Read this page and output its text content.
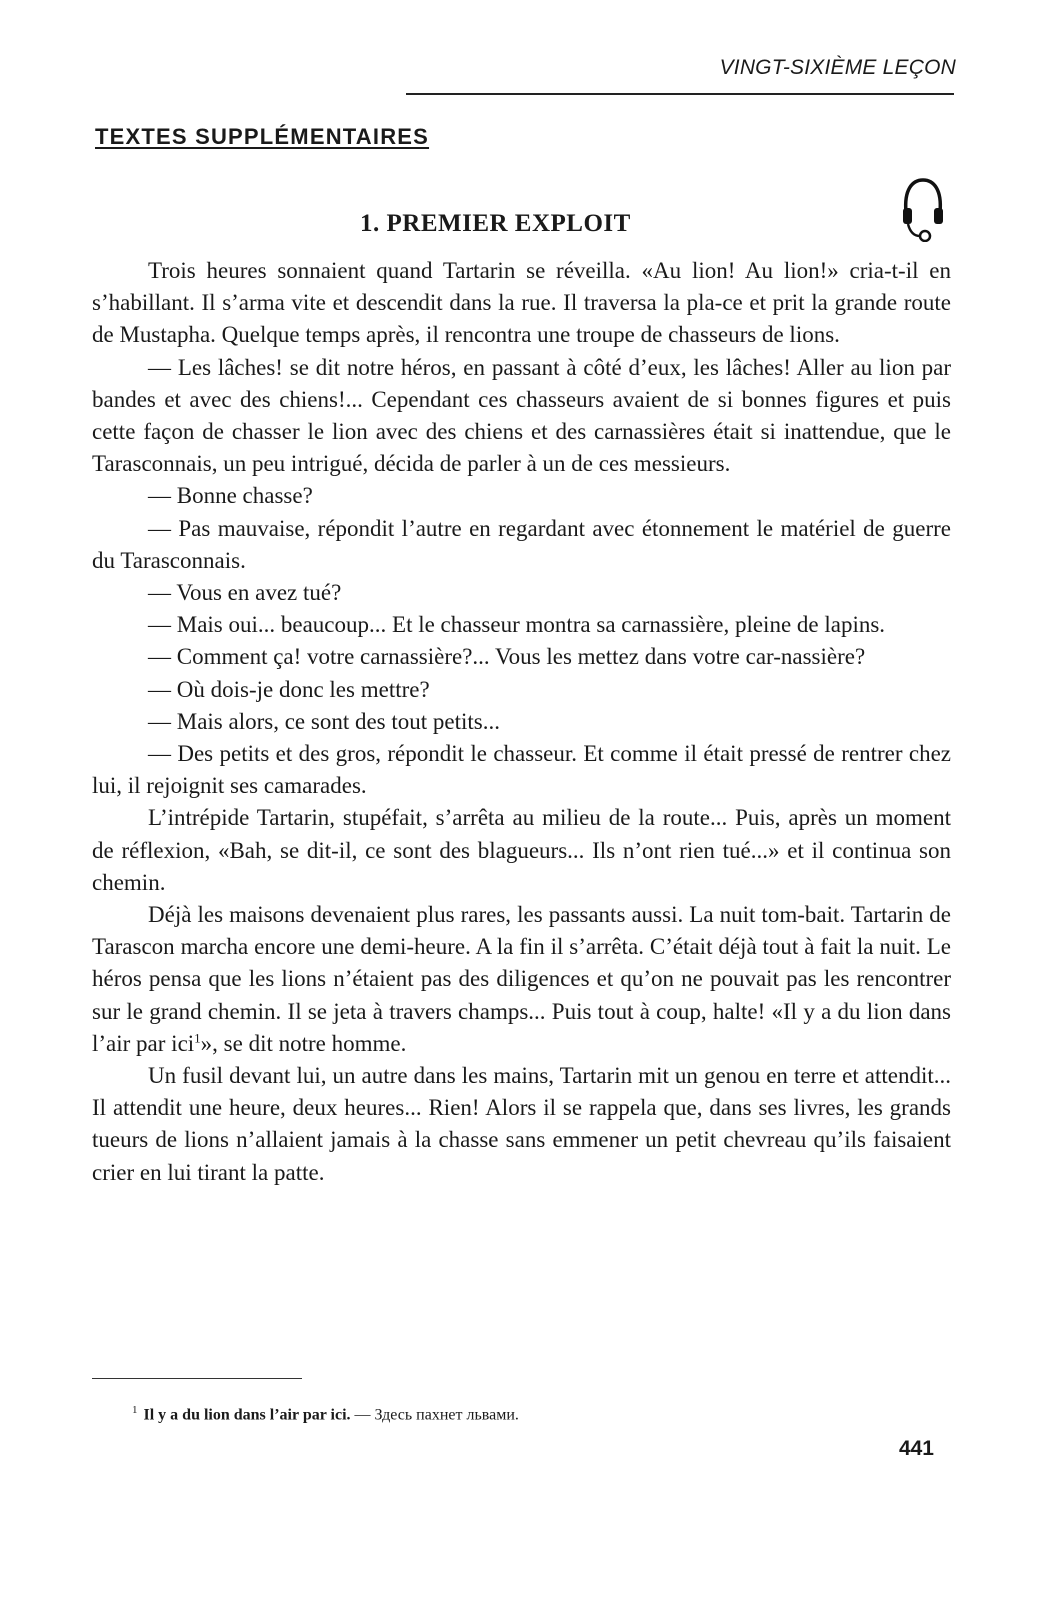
VINGT-SIXIÈME LEÇON
TEXTES SUPPLÉMENTAIRES
1. PREMIER EXPLOIT

Trois heures sonnaient quand Tartarin se réveilla. «Au lion! Au lion!» cria-t-il en s’habillant. Il s’arma vite et descendit dans la rue. Il traversa la pla-ce et prit la grande route de Mustapha. Quelque temps après, il rencontra une troupe de chasseurs de lions.

— Les lâches! se dit notre héros, en passant à côté d’eux, les lâches! Aller au lion par bandes et avec des chiens!... Cependant ces chasseurs avaient de si bonnes figures et puis cette façon de chasser le lion avec des chiens et des carnassières était si inattendue, que le Tarasconnais, un peu intrigué, décida de parler à un de ces messieurs.

— Bonne chasse?

— Pas mauvaise, répondit l’autre en regardant avec étonnement le matériel de guerre du Tarasconnais.

— Vous en avez tué?

— Mais oui... beaucoup... Et le chasseur montra sa carnassière, pleine de lapins.

— Comment ça! votre carnassière?... Vous les mettez dans votre car-nassière?

— Où dois-je donc les mettre?

— Mais alors, ce sont des tout petits...

— Des petits et des gros, répondit le chasseur. Et comme il était pressé de rentrer chez lui, il rejoignit ses camarades.

L’intrépide Tartarin, stupéfait, s’arrêta au milieu de la route... Puis, après un moment de réflexion, «Bah, se dit-il, ce sont des blagueurs... Ils n’ont rien tué...» et il continua son chemin.

Déjà les maisons devenaient plus rares, les passants aussi. La nuit tom-bait. Tartarin de Tarascon marcha encore une demi-heure. A la fin il s’arrêta. C’était déjà tout à fait la nuit. Le héros pensa que les lions n’étaient pas des diligences et qu’on ne pouvait pas les rencontrer sur le grand chemin. Il se jeta à travers champs... Puis tout à coup, halte! «Il y a du lion dans l’air par ici$^1$», se dit notre homme.

Un fusil devant lui, un autre dans les mains, Tartarin mit un genou en terre et attendit... Il attendit une heure, deux heures... Rien! Alors il se rappela que, dans ses livres, les grands tueurs de lions n’allaient jamais à la chasse sans emmener un petit chevreau qu’ils faisaient crier en lui tirant la patte.

$^1$ Il y a du lion dans l’air par ici. — Здесь пахнет львами.
441
